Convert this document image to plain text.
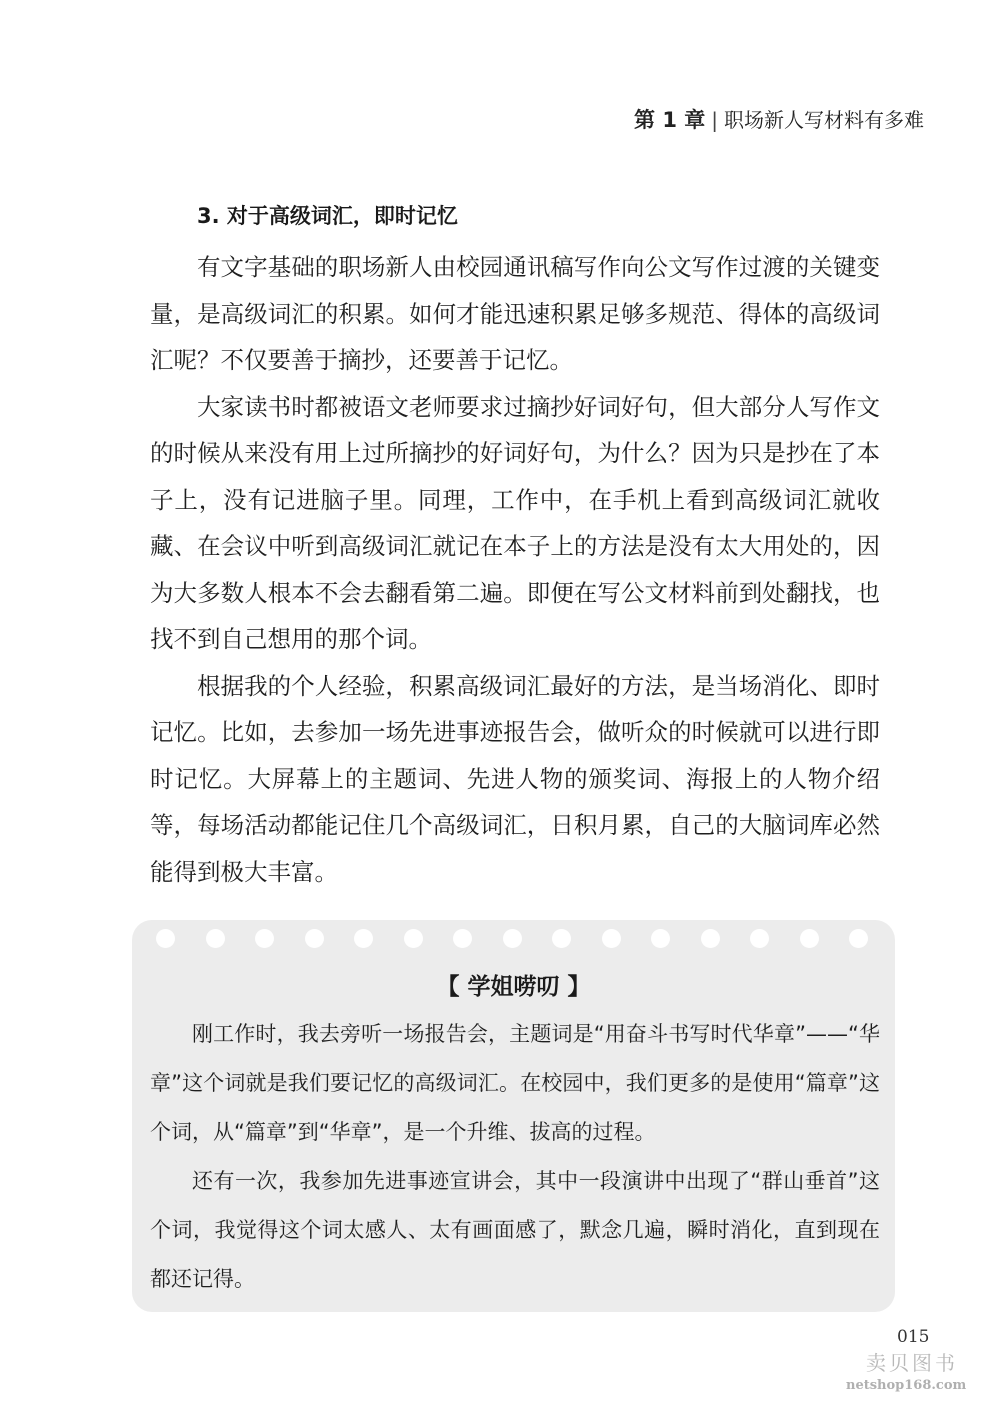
第 1 章 | 职场新人写材料有多难
3. 对于高级词汇，即时记忆

有文字基础的职场新人由校园通讯稿写作向公文写作过渡的关键变量，是高级词汇的积累。如何才能迅速积累足够多规范、得体的高级词汇呢？不仅要善于摘抄，还要善于记忆。

大家读书时都被语文老师要求过摘抄好词好句，但大部分人写作文的时候从来没有用上过所摘抄的好词好句，为什么？因为只是抄在了本子上，没有记进脑子里。同理，工作中，在手机上看到高级词汇就收藏、在会议中听到高级词汇就记在本子上的方法是没有太大用处的，因为大多数人根本不会去翻看第二遍。即便在写公文材料前到处翻找，也找不到自己想用的那个词。

根据我的个人经验，积累高级词汇最好的方法，是当场消化、即时记忆。比如，去参加一场先进事迹报告会，做听众的时候就可以进行即时记忆。大屏幕上的主题词、先进人物的颁奖词、海报上的人物介绍等，每场活动都能记住几个高级词汇，日积月累，自己的大脑词库必然能得到极大丰富。

【 学姐唠叨 】

刚工作时，我去旁听一场报告会，主题词是“用奋斗书写时代华章”——“华章”这个词就是我们要记忆的高级词汇。在校园中，我们更多的是使用“篇章”这个词，从“篇章”到“华章”，是一个升维、拔高的过程。

还有一次，我参加先进事迹宣讲会，其中一段演讲中出现了“群山垂首”这个词，我觉得这个词太感人、太有画面感了，默念几遍，瞬时消化，直到现在都还记得。

015
卖贝图书
netshop168.com
